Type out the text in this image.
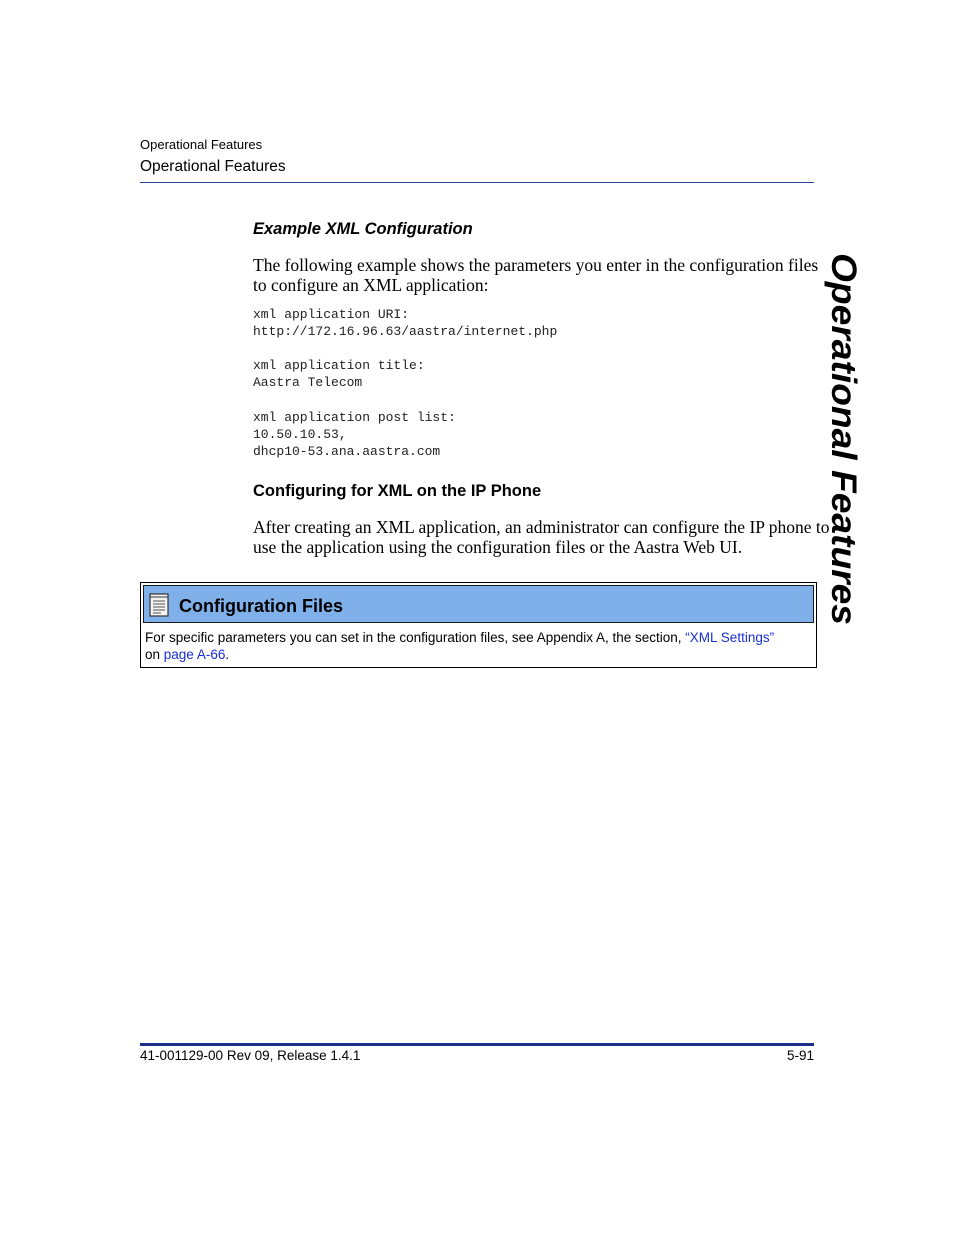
Operational Features
Operational Features
Example XML Configuration
The following example shows the parameters you enter in the configuration files
to configure an XML application:
xml application URI:
http://172.16.96.63/aastra/internet.php
xml application title:
Aastra Telecom
xml application post list:
10.50.10.53,
dhcp10-53.ana.aastra.com
Configuring for XML on the IP Phone
After creating an XML application, an administrator can configure the IP phone to
use the application using the configuration files or the Aastra Web UI.
Configuration Files
For specific parameters you can set in the configuration files, see Appendix A, the section, “XML Settings”
on page A-66.
Operational Features
41-001129-00 Rev 09, Release 1.4.1	5-91
